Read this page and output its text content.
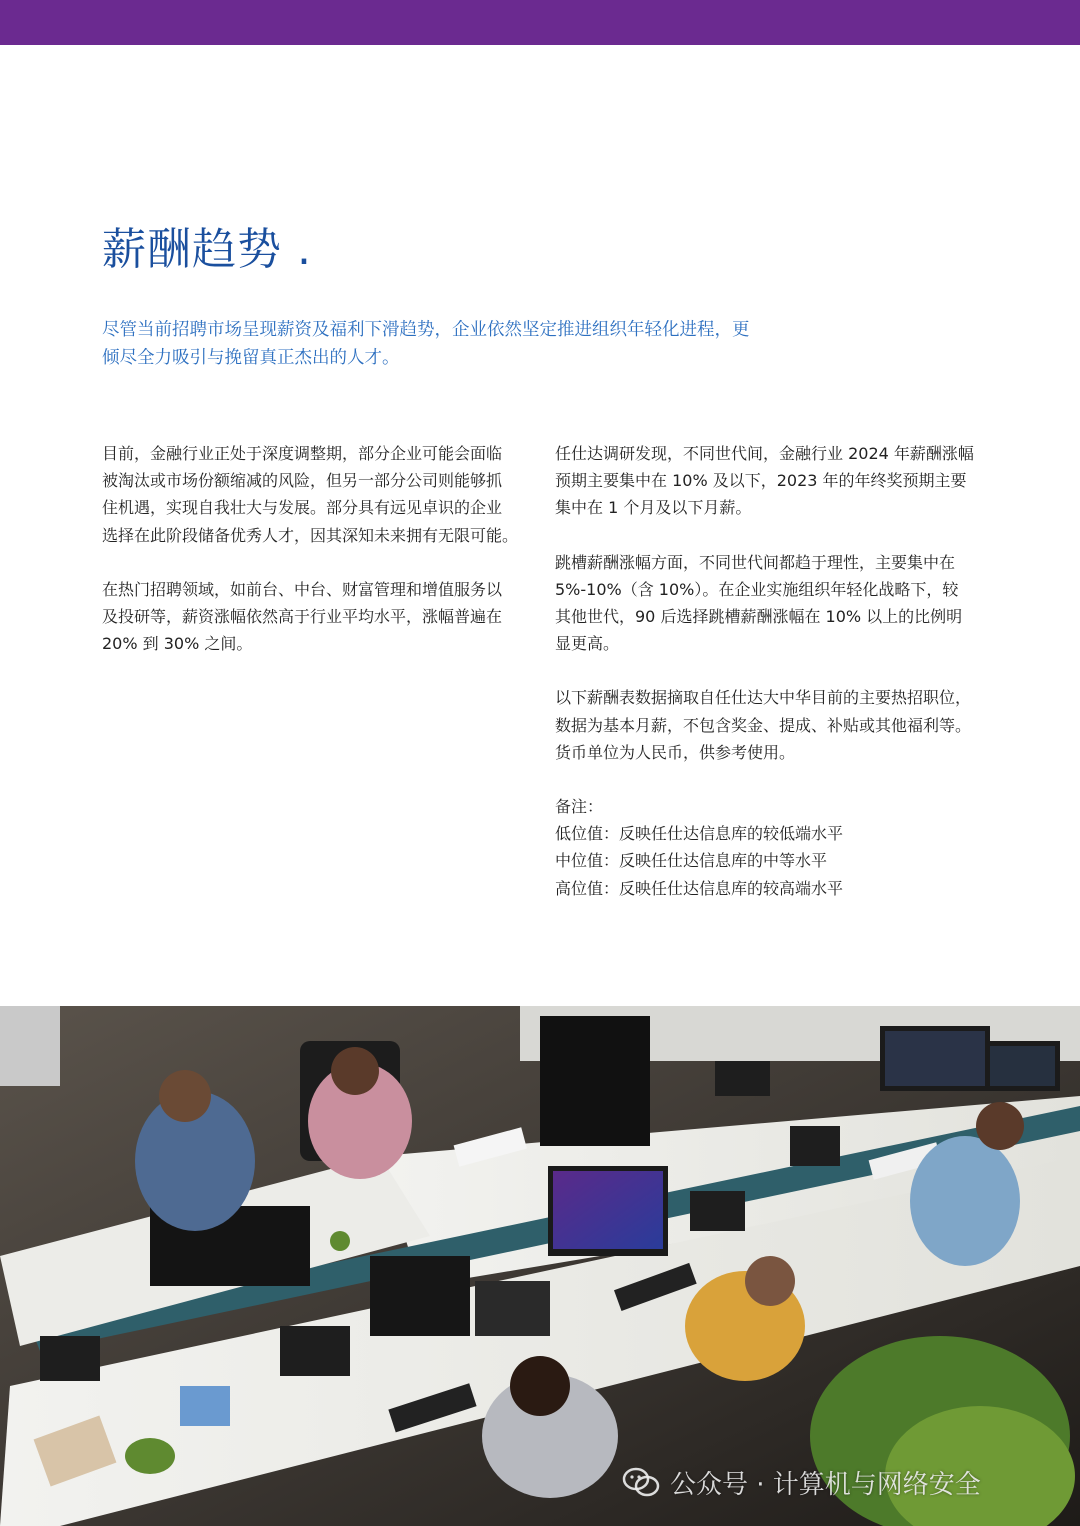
薪酬趋势 .

尽管当前招聘市场呈现薪资及福利下滑趋势，企业依然坚定推进组织年轻化进程，更

倾尽全力吸引与挽留真正杰出的人才。

目前，金融行业正处于深度调整期，部分企业可能会面临

被淘汰或市场份额缩减的风险，但另一部分公司则能够抓

住机遇，实现自我壮大与发展。部分具有远见卓识的企业

选择在此阶段储备优秀人才，因其深知未来拥有无限可能。

在热门招聘领域，如前台、中台、财富管理和增值服务以

及投研等，薪资涨幅依然高于行业平均水平，涨幅普遍在

20% 到 30% 之间。

任仕达调研发现，不同世代间，金融行业 2024 年薪酬涨幅

预期主要集中在 10% 及以下，2023 年的年终奖预期主要

集中在 1 个月及以下月薪。

跳槽薪酬涨幅方面，不同世代间都趋于理性，主要集中在

5%-10%（含 10%）。在企业实施组织年轻化战略下，较

其他世代，90 后选择跳槽薪酬涨幅在 10% 以上的比例明

显更高。

以下薪酬表数据摘取自任仕达大中华目前的主要热招职位，

数据为基本月薪，不包含奖金、提成、补贴或其他福利等。

货币单位为人民币，供参考使用。

备注：

低位值：反映任仕达信息库的较低端水平

中位值：反映任仕达信息库的中等水平

高位值：反映任仕达信息库的较高端水平

公众号 · 计算机与网络安全
